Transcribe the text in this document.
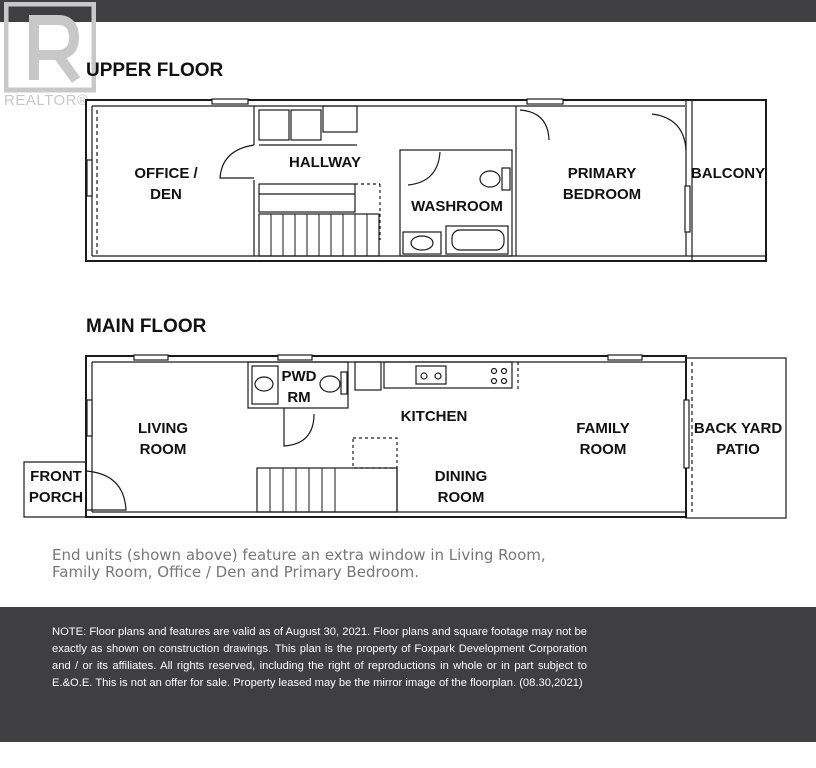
REALTOR®
UPPER FLOOR
MAIN FLOOR
OFFICE /
DEN
HALLWAY
WASHROOM
PRIMARY
BEDROOM
BALCONY
LIVING
ROOM
PWD
RM
KITCHEN
FAMILY
ROOM
BACK YARD
PATIO
FRONT
PORCH
DINING
ROOM
End units (shown above) feature an extra window in Living Room,
Family Room, Office / Den and Primary Bedroom.
NOTE: Floor plans and features are valid as of August 30, 2021. Floor plans and square footage may not be exactly as shown on construction drawings. This plan is the property of Foxpark Development Corporation and / or its affiliates. All rights reserved, including the right of reproductions in whole or in part subject to E.&O.E. This is not an offer for sale. Property leased may be the mirror image of the floorplan. (08.30,2021)
